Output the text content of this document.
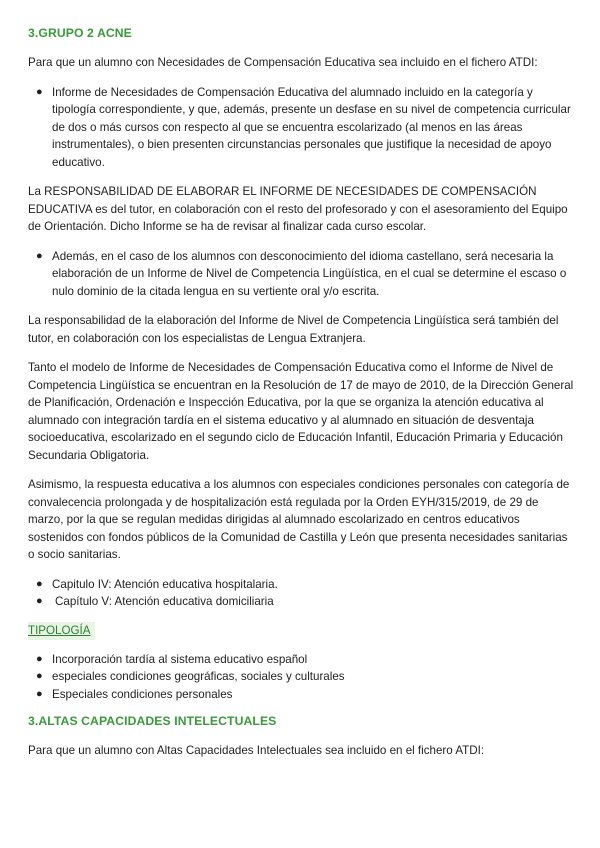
3.GRUPO 2 ACNE

Para que un alumno con Necesidades de Compensación Educativa sea incluido en el fichero ATDI:

● Informe de Necesidades de Compensación Educativa del alumnado incluido en la categoría y tipología correspondiente, y que, además, presente un desfase en su nivel de competencia curricular de dos o más cursos con respecto al que se encuentra escolarizado (al menos en las áreas instrumentales), o bien presenten circunstancias personales que justifique la necesidad de apoyo educativo.

La RESPONSABILIDAD DE ELABORAR EL INFORME DE NECESIDADES DE COMPENSACIÓN EDUCATIVA es del tutor, en colaboración con el resto del profesorado y con el asesoramiento del Equipo de Orientación. Dicho Informe se ha de revisar al finalizar cada curso escolar.

● Además, en el caso de los alumnos con desconocimiento del idioma castellano, será necesaria la elaboración de un Informe de Nivel de Competencia Lingüística, en el cual se determine el escaso o nulo dominio de la citada lengua en su vertiente oral y/o escrita.

La responsabilidad de la elaboración del Informe de Nivel de Competencia Lingüística será también del tutor, en colaboración con los especialistas de Lengua Extranjera.

Tanto el modelo de Informe de Necesidades de Compensación Educativa como el Informe de Nivel de Competencia Lingüística se encuentran en la Resolución de 17 de mayo de 2010, de la Dirección General de Planificación, Ordenación e Inspección Educativa, por la que se organiza la atención educativa al alumnado con integración tardía en el sistema educativo y al alumnado en situación de desventaja socioeducativa, escolarizado en el segundo ciclo de Educación Infantil, Educación Primaria y Educación Secundaria Obligatoria.

Asimismo, la respuesta educativa a los alumnos con especiales condiciones personales con categoría de convalecencia prolongada y de hospitalización está regulada por la Orden EYH/315/2019, de 29 de marzo, por la que se regulan medidas dirigidas al alumnado escolarizado en centros educativos sostenidos con fondos públicos de la Comunidad de Castilla y León que presenta necesidades sanitarias o socio sanitarias.

● Capitulo IV: Atención educativa hospitalaria.
● Capítulo V: Atención educativa domiciliaria
TIPOLOGÍA
● Incorporación tardía al sistema educativo español
● especiales condiciones geográficas, sociales y culturales
● Especiales condiciones personales
3.ALTAS CAPACIDADES INTELECTUALES

Para que un alumno con Altas Capacidades Intelectuales sea incluido en el fichero ATDI:
